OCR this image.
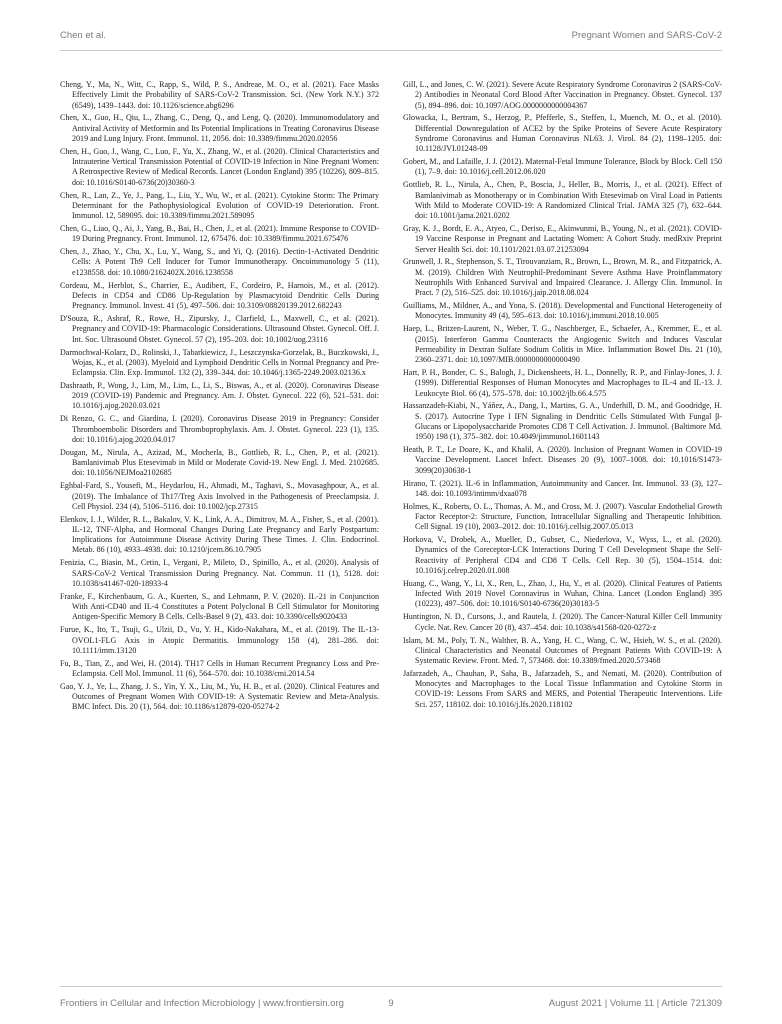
Chen et al.	Pregnant Women and SARS-CoV-2

Cheng, Y., Ma, N., Witt, C., Rapp, S., Wild, P. S., Andreae, M. O., et al. (2021). Face Masks Effectively Limit the Probability of SARS-CoV-2 Transmission. Sci. (New York N.Y.) 372 (6549), 1439–1443. doi: 10.1126/science.abg6296

Chen, X., Guo, H., Qiu, L., Zhang, C., Deng, Q., and Leng, Q. (2020). Immunomodulatory and Antiviral Activity of Metformin and Its Potential Implications in Treating Coronavirus Disease 2019 and Lung Injury. Front. Immunol. 11, 2056. doi: 10.3389/fimmu.2020.02056

Chen, H., Guo, J., Wang, C., Luo, F., Yu, X., Zhang, W., et al. (2020). Clinical Characteristics and Intrauterine Vertical Transmission Potential of COVID-19 Infection in Nine Pregnant Women: A Retrospective Review of Medical Records. Lancet (London England) 395 (10226), 809–815. doi: 10.1016/S0140-6736(20)30360-3

Chen, R., Lan, Z., Ye, J., Pang, L., Liu, Y., Wu, W., et al. (2021). Cytokine Storm: The Primary Determinant for the Pathophysiological Evolution of COVID-19 Deterioration. Front. Immunol. 12, 589095. doi: 10.3389/fimmu.2021.589095

Chen, G., Liao, Q., Ai, J., Yang, B., Bai, H., Chen, J., et al. (2021). Immune Response to COVID-19 During Pregnancy. Front. Immunol. 12, 675476. doi: 10.3389/fimmu.2021.675476

Chen, J., Zhao, Y., Chu, X., Lu, Y., Wang, S., and Yi, Q. (2016). Dectin-1-Activated Dendritic Cells: A Potent Th9 Cell Inducer for Tumor Immunotherapy. Oncoimmunology 5 (11), e1238558. doi: 10.1080/2162402X.2016.1238558

Cordeau, M., Herblot, S., Charrier, E., Audibert, F., Cordeiro, P., Harnois, M., et al. (2012). Defects in CD54 and CD86 Up-Regulation by Plasmacytoid Dendritic Cells During Pregnancy. Immunol. Invest. 41 (5), 497–506. doi: 10.3109/08820139.2012.682243

D'Souza, R., Ashraf, R., Rowe, H., Zipursky, J., Clarfield, L., Maxwell, C., et al. (2021). Pregnancy and COVID-19: Pharmacologic Considerations. Ultrasound Obstet. Gynecol. Off. J. Int. Soc. Ultrasound Obstet. Gynecol. 57 (2), 195–203. doi: 10.1002/uog.23116

Darmochwal-Kolarz, D., Rolinski, J., Tabarkiewicz, J., Leszczynska-Gorzelak, B., Buczkowski, J., Wojas, K., et al. (2003). Myeloid and Lymphoid Dendritic Cells in Normal Pregnancy and Pre-Eclampsia. Clin. Exp. Immunol. 132 (2), 339–344. doi: 10.1046/j.1365-2249.2003.02136.x

Dashraath, P., Wong, J., Lim, M., Lim, L., Li, S., Biswas, A., et al. (2020). Coronavirus Disease 2019 (COVID-19) Pandemic and Pregnancy. Am. J. Obstet. Gynecol. 222 (6), 521–531. doi: 10.1016/j.ajog.2020.03.021

Di Renzo, G. C., and Giardina, I. (2020). Coronavirus Disease 2019 in Pregnancy: Consider Thromboembolic Disorders and Thromboprophylaxis. Am. J. Obstet. Gynecol. 223 (1), 135. doi: 10.1016/j.ajog.2020.04.017

Dougan, M., Nirula, A., Azizad, M., Mocherla, B., Gottlieb, R. L., Chen, P., et al. (2021). Bamlanivimab Plus Etesevimab in Mild or Moderate Covid-19. New Engl. J. Med. 2102685. doi: 10.1056/NEJMoa2102685

Eghbal-Fard, S., Yousefi, M., Heydarlou, H., Ahmadi, M., Taghavi, S., Movasaghpour, A., et al. (2019). The Imbalance of Th17/Treg Axis Involved in the Pathogenesis of Preeclampsia. J. Cell Physiol. 234 (4), 5106–5116. doi: 10.1002/jcp.27315

Elenkov, I. J., Wilder, R. L., Bakalov, V. K., Link, A. A., Dimitrov, M. A., Fisher, S., et al. (2001). IL-12, TNF-Alpha, and Hormonal Changes During Late Pregnancy and Early Postpartum: Implications for Autoimmune Disease Activity During These Times. J. Clin. Endocrinol. Metab. 86 (10), 4933–4938. doi: 10.1210/jcem.86.10.7905

Fenizia, C., Biasin, M., Cetin, I., Vergani, P., Mileto, D., Spinillo, A., et al. (2020). Analysis of SARS-CoV-2 Vertical Transmission During Pregnancy. Nat. Commun. 11 (1), 5128. doi: 10.1038/s41467-020-18933-4

Franke, F., Kirchenbaum, G. A., Kuerten, S., and Lehmann, P. V. (2020). IL-21 in Conjunction With Anti-CD40 and IL-4 Constitutes a Potent Polyclonal B Cell Stimulator for Monitoring Antigen-Specific Memory B Cells. Cells-Basel 9 (2), 433. doi: 10.3390/cells9020433

Furue, K., Ito, T., Tsuji, G., Ulzii, D., Vu, Y. H., Kido-Nakahara, M., et al. (2019). The IL-13-OVOL1-FLG Axis in Atopic Dermatitis. Immunology 158 (4), 281–286. doi: 10.1111/imm.13120

Fu, B., Tian, Z., and Wei, H. (2014). TH17 Cells in Human Recurrent Pregnancy Loss and Pre-Eclampsia. Cell Mol. Immunol. 11 (6), 564–570. doi: 10.1038/cmi.2014.54

Gao, Y. J., Ye, L., Zhang, J. S., Yin, Y. X., Liu, M., Yu, H. B., et al. (2020). Clinical Features and Outcomes of Pregnant Women With COVID-19: A Systematic Review and Meta-Analysis. BMC Infect. Dis. 20 (1), 564. doi: 10.1186/s12879-020-05274-2

Gill, L., and Jones, C. W. (2021). Severe Acute Respiratory Syndrome Coronavirus 2 (SARS-CoV-2) Antibodies in Neonatal Cord Blood After Vaccination in Pregnancy. Obstet. Gynecol. 137 (5), 894–896. doi: 10.1097/AOG.0000000000004367

Glowacka, I., Bertram, S., Herzog, P., Pfefferle, S., Steffen, I., Muench, M. O., et al. (2010). Differential Downregulation of ACE2 by the Spike Proteins of Severe Acute Respiratory Syndrome Coronavirus and Human Coronavirus NL63. J. Virol. 84 (2), 1198–1205. doi: 10.1128/JVI.01248-09

Gobert, M., and Lafaille, J. J. (2012). Maternal-Fetal Immune Tolerance, Block by Block. Cell 150 (1), 7–9. doi: 10.1016/j.cell.2012.06.020

Gottlieb, R. L., Nirula, A., Chen, P., Boscia, J., Heller, B., Morris, J., et al. (2021). Effect of Bamlanivimab as Monotherapy or in Combination With Etesevimab on Viral Load in Patients With Mild to Moderate COVID-19: A Randomized Clinical Trial. JAMA 325 (7), 632–644. doi: 10.1001/jama.2021.0202

Gray, K. J., Bordt, E. A., Atyeo, C., Deriso, E., Akinwunmi, B., Young, N., et al. (2021). COVID-19 Vaccine Response in Pregnant and Lactating Women: A Cohort Study. medRxiv Preprint Server Health Sci. doi: 10.1101/2021.03.07.21253094

Grunwell, J. R., Stephenson, S. T., Tirouvanziam, R., Brown, L., Brown, M. R., and Fitzpatrick, A. M. (2019). Children With Neutrophil-Predominant Severe Asthma Have Proinflammatory Neutrophils With Enhanced Survival and Impaired Clearance. J. Allergy Clin. Immunol. In Pract. 7 (2), 516–525. doi: 10.1016/j.jaip.2018.08.024

Guilliams, M., Mildner, A., and Yona, S. (2018). Developmental and Functional Heterogeneity of Monocytes. Immunity 49 (4), 595–613. doi: 10.1016/j.immuni.2018.10.005

Haep, L., Britzen-Laurent, N., Weber, T. G., Naschberger, E., Schaefer, A., Kremmer, E., et al. (2015). Interferon Gamma Counteracts the Angiogenic Switch and Induces Vascular Permeability in Dextran Sulfate Sodium Colitis in Mice. Inflammation Bowel Dis. 21 (10), 2360–2371. doi: 10.1097/MIB.0000000000000490

Hart, P. H., Bonder, C. S., Balogh, J., Dickensheets, H. L., Donnelly, R. P., and Finlay-Jones, J. J. (1999). Differential Responses of Human Monocytes and Macrophages to IL-4 and IL-13. J. Leukocyte Biol. 66 (4), 575–578. doi: 10.1002/jlb.66.4.575

Hassanzadeh-Kiabi, N., Yáñez, A., Dang, I., Martins, G. A., Underhill, D. M., and Goodridge, H. S. (2017). Autocrine Type I IFN Signaling in Dendritic Cells Stimulated With Fungal β-Glucans or Lipopolysaccharide Promotes CD8 T Cell Activation. J. Immunol. (Baltimore Md. 1950) 198 (1), 375–382. doi: 10.4049/jimmunol.1601143

Heath, P. T., Le Doare, K., and Khalil, A. (2020). Inclusion of Pregnant Women in COVID-19 Vaccine Development. Lancet Infect. Diseases 20 (9), 1007–1008. doi: 10.1016/S1473-3099(20)30638-1

Hirano, T. (2021). IL-6 in Inflammation, Autoimmunity and Cancer. Int. Immunol. 33 (3), 127–148. doi: 10.1093/intimm/dxaa078

Holmes, K., Roberts, O. L., Thomas, A. M., and Cross, M. J. (2007). Vascular Endothelial Growth Factor Receptor-2: Structure, Function, Intracellular Signalling and Therapeutic Inhibition. Cell Signal. 19 (10), 2003–2012. doi: 10.1016/j.cellsig.2007.05.013

Horkova, V., Drobek, A., Mueller, D., Gubser, C., Niederlova, V., Wyss, L., et al. (2020). Dynamics of the Coreceptor-LCK Interactions During T Cell Development Shape the Self-Reactivity of Peripheral CD4 and CD8 T Cells. Cell Rep. 30 (5), 1504–1514. doi: 10.1016/j.celrep.2020.01.008

Huang, C., Wang, Y., Li, X., Ren, L., Zhao, J., Hu, Y., et al. (2020). Clinical Features of Patients Infected With 2019 Novel Coronavirus in Wuhan, China. Lancet (London England) 395 (10223), 497–506. doi: 10.1016/S0140-6736(20)30183-5

Huntington, N. D., Cursons, J., and Rautela, J. (2020). The Cancer-Natural Killer Cell Immunity Cycle. Nat. Rev. Cancer 20 (8), 437–454. doi: 10.1038/s41568-020-0272-z

Islam, M. M., Poly, T. N., Walther, B. A., Yang, H. C., Wang, C. W., Hsieh, W. S., et al. (2020). Clinical Characteristics and Neonatal Outcomes of Pregnant Patients With COVID-19: A Systematic Review. Front. Med. 7, 573468. doi: 10.3389/fmed.2020.573468

Jafarzadeh, A., Chauhan, P., Saha, B., Jafarzadeh, S., and Nemati, M. (2020). Contribution of Monocytes and Macrophages to the Local Tissue Inflammation and Cytokine Storm in COVID-19: Lessons From SARS and MERS, and Potential Therapeutic Interventions. Life Sci. 257, 118102. doi: 10.1016/j.lfs.2020.118102

Frontiers in Cellular and Infection Microbiology | www.frontiersin.org	9	August 2021 | Volume 11 | Article 721309
